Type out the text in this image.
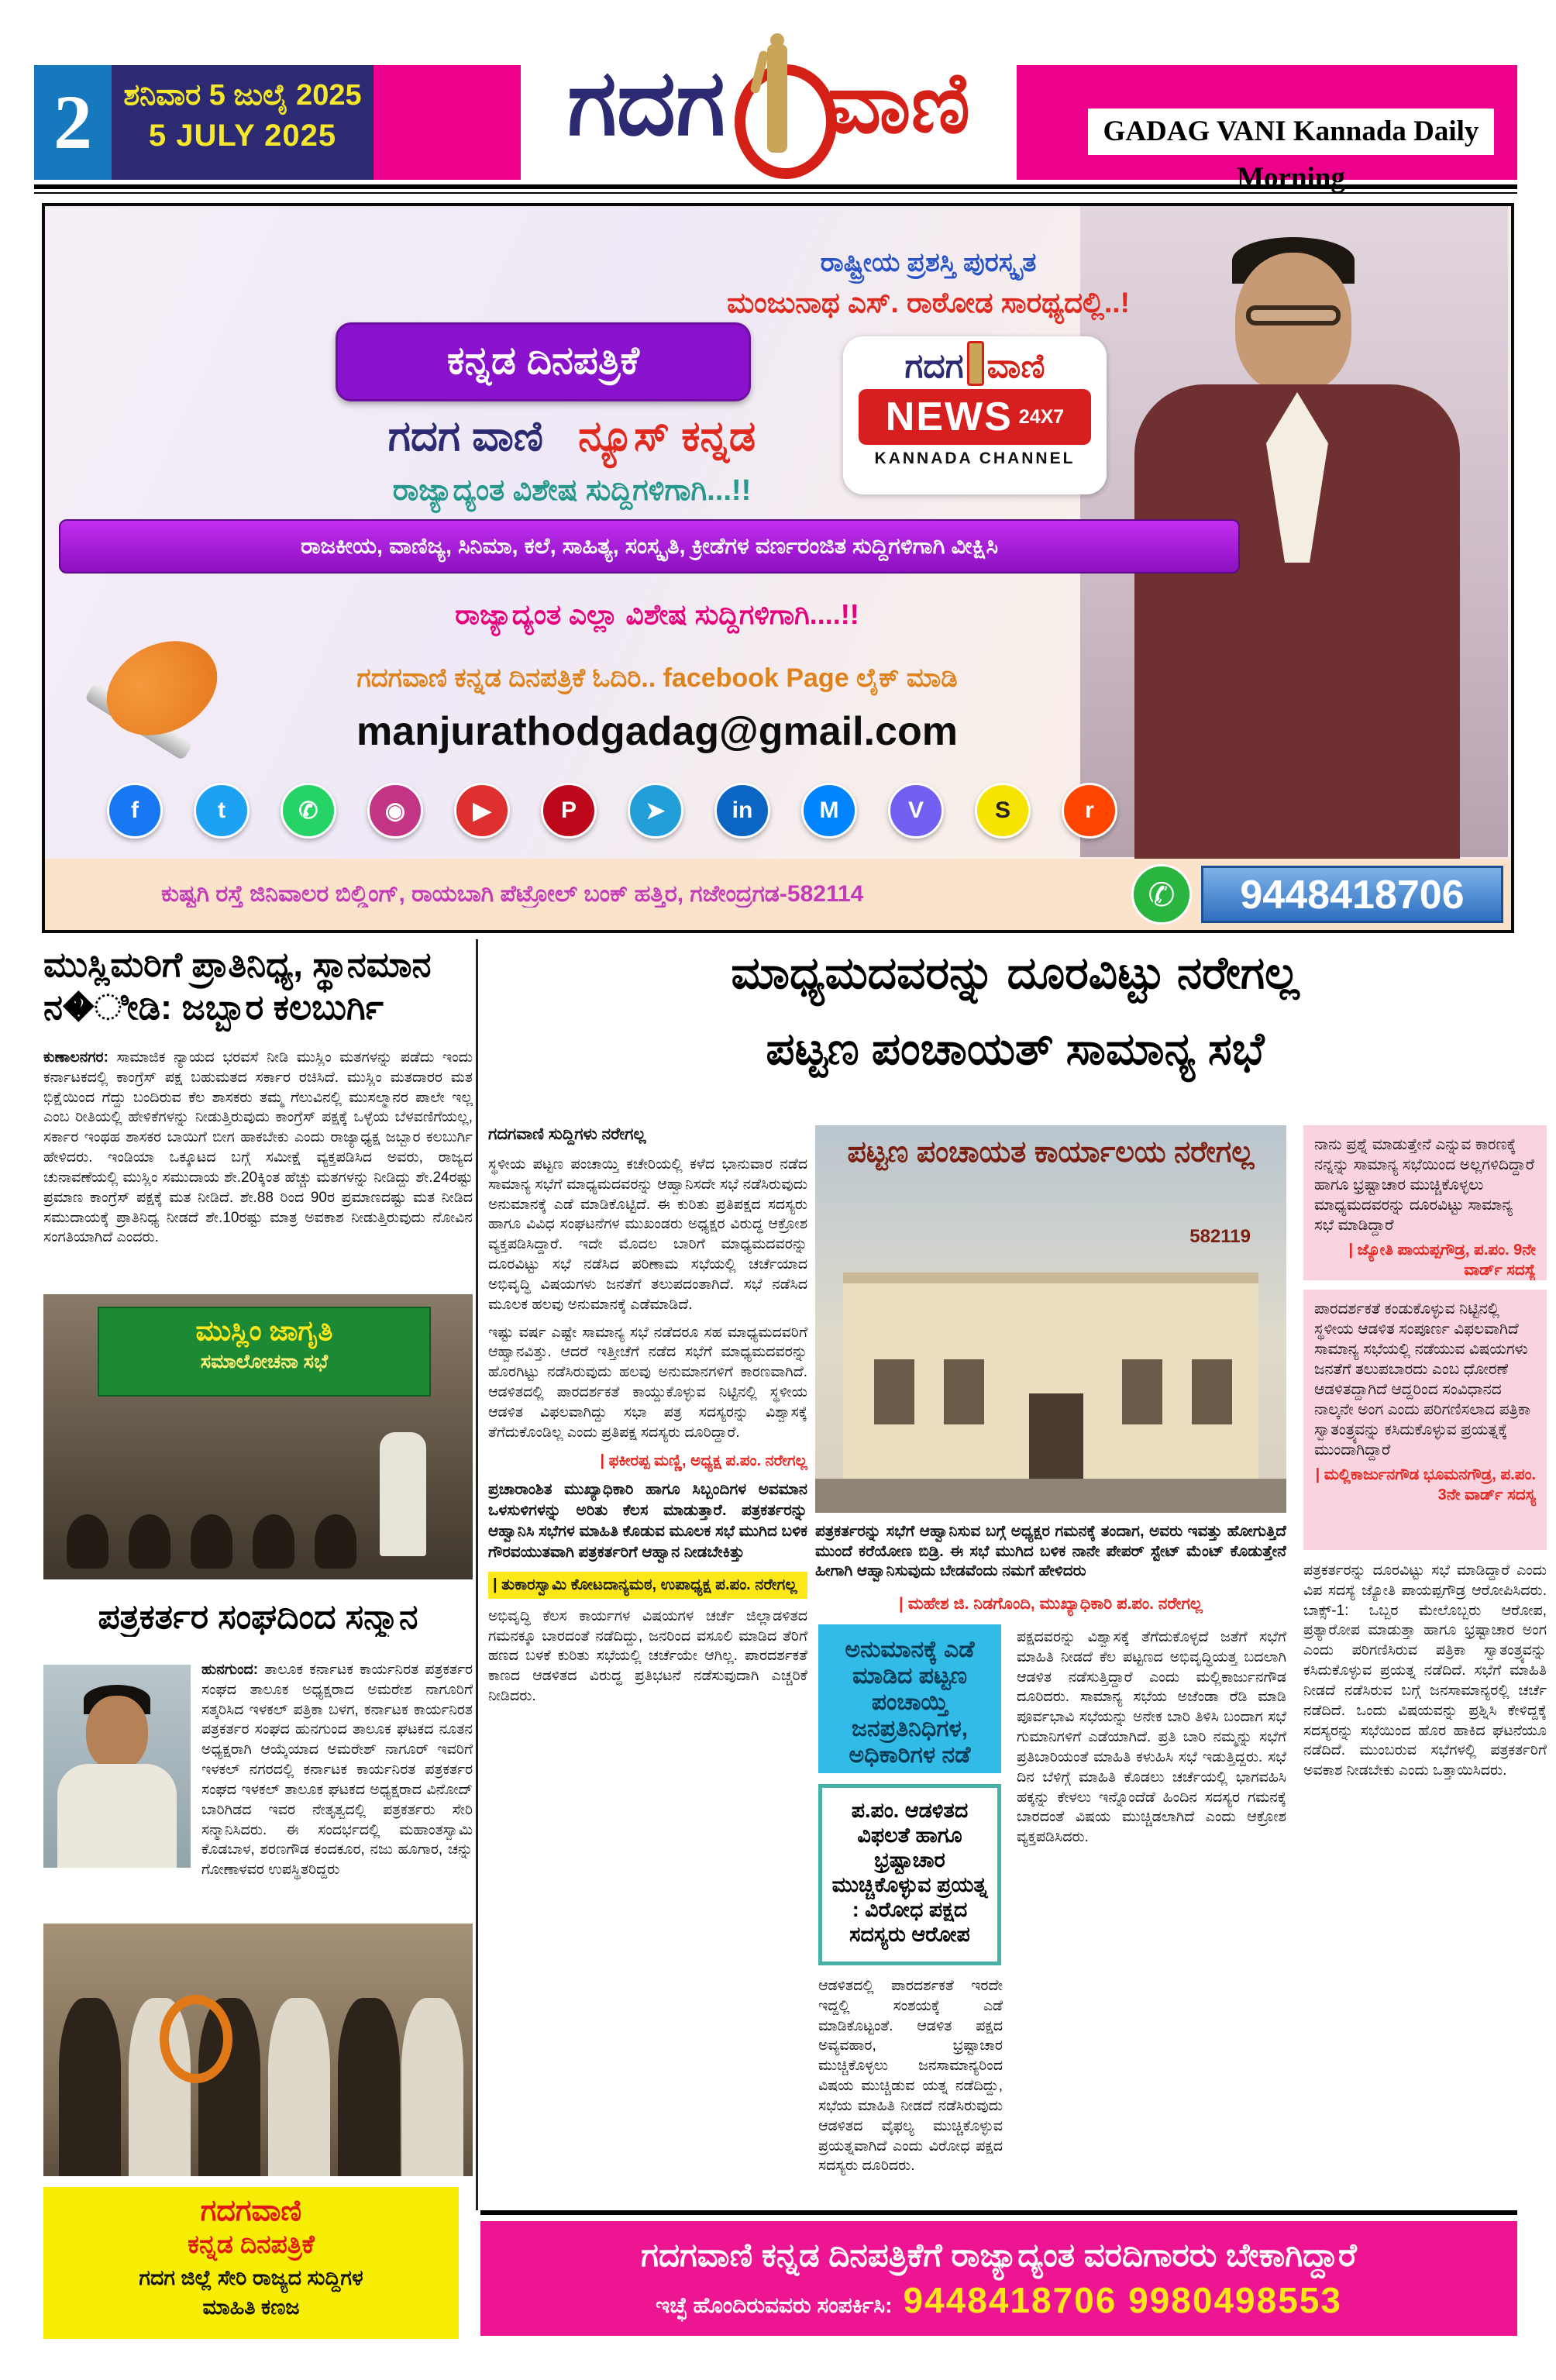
2	ಶನಿವಾರ 5 ಜುಲೈ 2025
5 JULY 2025	ಗದಗ ವಾಣಿ	GADAG VANI Kannada Daily Morning
ರಾಷ್ಟ್ರೀಯ ಪ್ರಶಸ್ತಿ ಪುರಸ್ಕೃತ
ಮಂಜುನಾಥ ಎಸ್. ರಾಠೋಡ ಸಾರಥ್ಯದಲ್ಲಿ..!
ಗದಗ ವಾಣಿ
NEWS 24X7
KANNADA CHANNEL
ಕನ್ನಡ ದಿನಪತ್ರಿಕೆ
ಗದಗ ವಾಣಿ ನ್ಯೂಸ್ ಕನ್ನಡ
ರಾಜ್ಯಾದ್ಯಂತ ವಿಶೇಷ ಸುದ್ದಿಗಳಿಗಾಗಿ...!!
ರಾಜಕೀಯ, ವಾಣಿಜ್ಯ, ಸಿನಿಮಾ, ಕಲೆ, ಸಾಹಿತ್ಯ, ಸಂಸ್ಕೃತಿ, ಕ್ರೀಡೆಗಳ ವರ್ಣರಂಜಿತ ಸುದ್ದಿಗಳಿಗಾಗಿ ವೀಕ್ಷಿಸಿ
ರಾಜ್ಯಾದ್ಯಂತ ಎಲ್ಲಾ ವಿಶೇಷ ಸುದ್ದಿಗಳಿಗಾಗಿ....!!
ಗದಗವಾಣಿ ಕನ್ನಡ ದಿನಪತ್ರಿಕೆ ಓದಿರಿ.. facebook Page ಲೈಕ್ ಮಾಡಿ
manjurathodgadag@gmail.com
f	t	✆	◉	▶	P	➤	in	M	V	S	r
ಕುಷ್ಟಗಿ ರಸ್ತೆ ಜಿನಿವಾಲರ ಬಿಲ್ಡಿಂಗ್, ರಾಯಬಾಗಿ ಪೆಟ್ರೋಲ್ ಬಂಕ್ ಹತ್ತಿರ, ಗಜೇಂದ್ರಗಡ-582114	✆	9448418706
ಮುಸ್ಲಿಮರಿಗೆ ಪ್ರಾತಿನಿಧ್ಯ, ಸ್ಥಾನಮಾನ ನ�ೀಡಿ: ಜಬ್ಬಾರ ಕಲಬುರ್ಗಿ
ಕುಣಾಲನಗರ: ಸಾಮಾಜಿಕ ನ್ಯಾಯದ ಭರವಸೆ ನೀಡಿ ಮುಸ್ಲಿಂ ಮತಗಳನ್ನು ಪಡೆದು ಇಂದು ಕರ್ನಾಟಕದಲ್ಲಿ ಕಾಂಗ್ರೆಸ್ ಪಕ್ಷ ಬಹುಮತದ ಸರ್ಕಾರ ರಚಿಸಿದೆ. ಮುಸ್ಲಿಂ ಮತದಾರರ ಮತ ಭಿಕ್ಷೆಯಿಂದ ಗೆದ್ದು ಬಂದಿರುವ ಕೆಲ ಶಾಸಕರು ತಮ್ಮ ಗೆಲುವಿನಲ್ಲಿ ಮುಸಲ್ಮಾನರ ಪಾಲೇ ಇಲ್ಲ ಎಂಬ ರೀತಿಯಲ್ಲಿ ಹೇಳಿಕೆಗಳನ್ನು ನೀಡುತ್ತಿರುವುದು ಕಾಂಗ್ರೆಸ್ ಪಕ್ಷಕ್ಕೆ ಒಳ್ಳೆಯ ಬೆಳವಣಿಗೆಯಲ್ಲ, ಸರ್ಕಾರ ಇಂಥಹ ಶಾಸಕರ ಬಾಯಿಗೆ ಬೀಗ ಹಾಕಬೇಕು ಎಂದು ರಾಜ್ಯಾಧ್ಯಕ್ಷ ಜಬ್ಬಾರ ಕಲಬುರ್ಗಿ ಹೇಳಿದರು. ಇಂಡಿಯಾ ಒಕ್ಕೂಟದ ಬಗ್ಗೆ ಸಮೀಕ್ಷೆ ವ್ಯಕ್ತಪಡಿಸಿದ ಅವರು, ರಾಜ್ಯದ ಚುನಾವಣೆಯಲ್ಲಿ ಮುಸ್ಲಿಂ ಸಮುದಾಯ ಶೇ.20ಕ್ಕಿಂತ ಹೆಚ್ಚು ಮತಗಳನ್ನು ನೀಡಿದ್ದು ಶೇ.24ರಷ್ಟು ಪ್ರಮಾಣ ಕಾಂಗ್ರೆಸ್ ಪಕ್ಷಕ್ಕೆ ಮತ ನೀಡಿದೆ. ಶೇ.88 ರಿಂದ 90ರ ಪ್ರಮಾಣದಷ್ಟು ಮತ ನೀಡಿದ ಸಮುದಾಯಕ್ಕೆ ಪ್ರಾತಿನಿಧ್ಯ ನೀಡದೆ ಶೇ.10ರಷ್ಟು ಮಾತ್ರ ಅವಕಾಶ ನೀಡುತ್ತಿರುವುದು ನೋವಿನ ಸಂಗತಿಯಾಗಿದೆ ಎಂದರು.
ಮುಸ್ಲಿಂ ಜಾಗೃತಿ
ಸಮಾಲೋಚನಾ ಸಭೆ
ಪತ್ರಕರ್ತರ ಸಂಘದಿಂದ ಸನ್ಮಾನ
ಹುನಗುಂದ: ತಾಲೂಕ ಕರ್ನಾಟಕ ಕಾರ್ಯನಿರತ ಪತ್ರಕರ್ತರ ಸಂಘದ ತಾಲೂಕ ಅಧ್ಯಕ್ಷರಾದ ಅಮರೇಶ ನಾಗೂರಿಗೆ ಸತ್ಕರಿಸಿದ ಇಳಕಲ್ ಪತ್ರಿಕಾ ಬಳಗ, ಕರ್ನಾಟಕ ಕಾರ್ಯನಿರತ ಪತ್ರಕರ್ತರ ಸಂಘದ ಹುನಗುಂದ ತಾಲೂಕ ಘಟಕದ ನೂತನ ಅಧ್ಯಕ್ಷರಾಗಿ ಆಯ್ಕೆಯಾದ ಅಮರೇಶ್ ನಾಗೂರ್ ಇವರಿಗೆ ಇಳಕಲ್ ನಗರದಲ್ಲಿ ಕರ್ನಾಟಕ ಕಾರ್ಯನಿರತ ಪತ್ರಕರ್ತರ ಸಂಘದ ಇಳಕಲ್ ತಾಲೂಕ ಘಟಕದ ಅಧ್ಯಕ್ಷರಾದ ವಿನೋದ್ ಬಾರಿಗಿಡದ ಇವರ ನೇತೃತ್ವದಲ್ಲಿ ಪತ್ರಕರ್ತರು ಸೇರಿ ಸನ್ಮಾನಿಸಿದರು. ಈ ಸಂದರ್ಭದಲ್ಲಿ ಮಹಾಂತಸ್ವಾಮಿ ಕೊಡಬಾಳ, ಶರಣಗೌಡ ಕಂದಕೂರ, ನಜು ಹೂಗಾರ, ಚನ್ನು ಗೋಣಾಳವರ ಉಪಸ್ಥಿತರಿದ್ದರು
ಗದಗವಾಣಿ
ಕನ್ನಡ ದಿನಪತ್ರಿಕೆ
ಗದಗ ಜಿಲ್ಲೆ ಸೇರಿ ರಾಜ್ಯದ ಸುದ್ದಿಗಳ
ಮಾಹಿತಿ ಕಣಜ
ಮಾಧ್ಯಮದವರನ್ನು ದೂರವಿಟ್ಟು ನರೇಗಲ್ಲ
ಪಟ್ಟಣ ಪಂಚಾಯತ್ ಸಾಮಾನ್ಯ ಸಭೆ
ಗದಗವಾಣಿ ಸುದ್ದಿಗಳು ನರೇಗಲ್ಲ
ಸ್ಥಳೀಯ ಪಟ್ಟಣ ಪಂಚಾಯ್ತಿ ಕಚೇರಿಯಲ್ಲಿ ಕಳೆದ ಭಾನುವಾರ ನಡೆದ ಸಾಮಾನ್ಯ ಸಭೆಗೆ ಮಾಧ್ಯಮದವರನ್ನು ಆಹ್ವಾನಿಸದೇ ಸಭೆ ನಡೆಸಿರುವುದು ಅನುಮಾನಕ್ಕೆ ಎಡೆ ಮಾಡಿಕೊಟ್ಟಿದೆ. ಈ ಕುರಿತು ಪ್ರತಿಪಕ್ಷದ ಸದಸ್ಯರು ಹಾಗೂ ವಿವಿಧ ಸಂಘಟನೆಗಳ ಮುಖಂಡರು ಅಧ್ಯಕ್ಷರ ವಿರುದ್ಧ ಆಕ್ರೋಶ ವ್ಯಕ್ತಪಡಿಸಿದ್ದಾರೆ. ಇದೇ ಮೊದಲ ಬಾರಿಗೆ ಮಾಧ್ಯಮದವರನ್ನು ದೂರವಿಟ್ಟು ಸಭೆ ನಡೆಸಿದ ಪರಿಣಾಮ ಸಭೆಯಲ್ಲಿ ಚರ್ಚೆಯಾದ ಅಭಿವೃದ್ಧಿ ವಿಷಯಗಳು ಜನತೆಗೆ ತಲುಪದಂತಾಗಿದೆ. ಸಭೆ ನಡೆಸಿದ ಮೂಲಕ ಹಲವು ಅನುಮಾನಕ್ಕೆ ಎಡೆಮಾಡಿದೆ.
ಇಷ್ಟು ವರ್ಷ ಎಷ್ಟೇ ಸಾಮಾನ್ಯ ಸಭೆ ನಡೆದರೂ ಸಹ ಮಾಧ್ಯಮದವರಿಗೆ ಆಹ್ವಾನವಿತ್ತು. ಆದರೆ ಇತ್ತೀಚೆಗೆ ನಡೆದ ಸಭೆಗೆ ಮಾಧ್ಯಮದವರನ್ನು ಹೊರಗಿಟ್ಟು ನಡೆಸಿರುವುದು ಹಲವು ಅನುಮಾನಗಳಿಗೆ ಕಾರಣವಾಗಿದೆ. ಆಡಳಿತದಲ್ಲಿ ಪಾರದರ್ಶಕತೆ ಕಾಯ್ದುಕೊಳ್ಳುವ ನಿಟ್ಟಿನಲ್ಲಿ ಸ್ಥಳೀಯ ಆಡಳಿತ ವಿಫಲವಾಗಿದ್ದು ಸಭಾ ಪತ್ರ ಸದಸ್ಯರನ್ನು ವಿಶ್ವಾಸಕ್ಕೆ ತೆಗೆದುಕೊಂಡಿಲ್ಲ ಎಂದು ಪ್ರತಿಪಕ್ಷ ಸದಸ್ಯರು ದೂರಿದ್ದಾರೆ.
| ಫಕೀರಪ್ಪ ಮಣ್ಣಿ, ಅಧ್ಯಕ್ಷ ಪ.ಪಂ. ನರೇಗಲ್ಲ
ಪ್ರಚಾರಾಂಶಿತ ಮುಖ್ಯಾಧಿಕಾರಿ ಹಾಗೂ ಸಿಬ್ಬಂದಿಗಳ ಅವಮಾನ ಒಳಸುಳಿಗಳನ್ನು ಅರಿತು ಕೆಲಸ ಮಾಡುತ್ತಾರೆ. ಪತ್ರಕರ್ತರನ್ನು ಆಹ್ವಾನಿಸಿ ಸಭೆಗಳ ಮಾಹಿತಿ ಕೊಡುವ ಮೂಲಕ ಸಭೆ ಮುಗಿದ ಬಳಿಕ ಗೌರವಯುತವಾಗಿ ಪತ್ರಕರ್ತರಿಗೆ ಆಹ್ವಾನ ನೀಡಬೇಕಿತ್ತು
| ತುಕಾರಸ್ವಾಮಿ ಕೋಟದಾನ್ಯಮಠ, ಉಪಾಧ್ಯಕ್ಷ ಪ.ಪಂ. ನರೇಗಲ್ಲ
ಅಭಿವೃದ್ಧಿ ಕೆಲಸ ಕಾರ್ಯಗಳ ವಿಷಯಗಳ ಚರ್ಚೆ ಜಿಲ್ಲಾಡಳಿತದ ಗಮನಕ್ಕೂ ಬಾರದಂತೆ ನಡೆದಿದ್ದು, ಜನರಿಂದ ವಸೂಲಿ ಮಾಡಿದ ತೆರಿಗೆ ಹಣದ ಬಳಕೆ ಕುರಿತು ಸಭೆಯಲ್ಲಿ ಚರ್ಚೆಯೇ ಆಗಿಲ್ಲ. ಪಾರದರ್ಶಕತೆ ಕಾಣದ ಆಡಳಿತದ ವಿರುದ್ಧ ಪ್ರತಿಭಟನೆ ನಡೆಸುವುದಾಗಿ ಎಚ್ಚರಿಕೆ ನೀಡಿದರು.
ಪಟ್ಟಣ ಪಂಚಾಯತ ಕಾರ್ಯಾಲಯ ನರೇಗಲ್ಲ
582119
ಪತ್ರಕರ್ತರನ್ನು ಸಭೆಗೆ ಆಹ್ವಾನಿಸುವ ಬಗ್ಗೆ ಅಧ್ಯಕ್ಷರ ಗಮನಕ್ಕೆ ತಂದಾಗ, ಅವರು ಇವತ್ತು ಹೋಗುತ್ತಿದೆ ಮುಂದೆ ಕರೆಯೋಣ ಬಿಡ್ರಿ. ಈ ಸಭೆ ಮುಗಿದ ಬಳಿಕ ನಾನೇ ಪೇಪರ್ ಸ್ಟೇಟ್ ಮೆಂಟ್ ಕೊಡುತ್ತೇನೆ ಹೀಗಾಗಿ ಆಹ್ವಾನಿಸುವುದು ಬೇಡವೆಂದು ನಮಗೆ ಹೇಳಿದರು
| ಮಹೇಶ ಜಿ. ನಿಡಗೊಂದಿ, ಮುಖ್ಯಾಧಿಕಾರಿ ಪ.ಪಂ. ನರೇಗಲ್ಲ
ಅನುಮಾನಕ್ಕೆ ಎಡೆ ಮಾಡಿದ ಪಟ್ಟಣ ಪಂಚಾಯ್ತಿ ಜನಪ್ರತಿನಿಧಿಗಳ, ಅಧಿಕಾರಿಗಳ ನಡೆ
ಪ.ಪಂ. ಆಡಳಿತದ ವಿಫಲತೆ ಹಾಗೂ ಭ್ರಷ್ಟಾಚಾರ ಮುಚ್ಚಿಕೊಳ್ಳುವ ಪ್ರಯತ್ನ : ವಿರೋಧ ಪಕ್ಷದ ಸದಸ್ಯರು ಆರೋಪ
ಆಡಳಿತದಲ್ಲಿ ಪಾರದರ್ಶಕತೆ ಇರದೇ ಇದ್ದಲ್ಲಿ ಸಂಶಯಕ್ಕೆ ಎಡೆ ಮಾಡಿಕೊಟ್ಟಂತೆ. ಆಡಳಿತ ಪಕ್ಷದ ಅವ್ಯವಹಾರ, ಭ್ರಷ್ಟಾಚಾರ ಮುಚ್ಚಿಕೊಳ್ಳಲು ಜನಸಾಮಾನ್ಯರಿಂದ ವಿಷಯ ಮುಚ್ಚಿಡುವ ಯತ್ನ ನಡೆದಿದ್ದು, ಸಭೆಯ ಮಾಹಿತಿ ನೀಡದೆ ನಡೆಸಿರುವುದು ಆಡಳಿತದ ವೈಫಲ್ಯ ಮುಚ್ಚಿಕೊಳ್ಳುವ ಪ್ರಯತ್ನವಾಗಿದೆ ಎಂದು ವಿರೋಧ ಪಕ್ಷದ ಸದಸ್ಯರು ದೂರಿದರು.
ಪಕ್ಷದವರನ್ನು ವಿಶ್ವಾಸಕ್ಕೆ ತೆಗೆದುಕೊಳ್ಳದೆ ಜತೆಗೆ ಸಭೆಗೆ ಮಾಹಿತಿ ನೀಡದೆ ಕೆಲ ಪಟ್ಟಣದ ಅಭಿವೃದ್ಧಿಯತ್ತ ಬದಲಾಗಿ ಆಡಳಿತ ನಡೆಸುತ್ತಿದ್ದಾರೆ ಎಂದು ಮಲ್ಲಿಕಾರ್ಜುನಗೌಡ ದೂರಿದರು. ಸಾಮಾನ್ಯ ಸಭೆಯ ಅಜೆಂಡಾ ರೆಡಿ ಮಾಡಿ ಪೂರ್ವಭಾವಿ ಸಭೆಯನ್ನು ಅನೇಕ ಬಾರಿ ತಿಳಿಸಿ ಬಂದಾಗ ಸಭೆ ಗುಮಾನಿಗಳಿಗೆ ಎಡೆಯಾಗಿದೆ. ಪ್ರತಿ ಬಾರಿ ನಮ್ಮನ್ನು ಸಭೆಗೆ ಪ್ರತಿಬಾರಿಯಂತೆ ಮಾಹಿತಿ ಕಳುಹಿಸಿ ಸಭೆ ಇಡುತ್ತಿದ್ದರು. ಸಭೆ ದಿನ ಬೆಳಿಗ್ಗೆ ಮಾಹಿತಿ ಕೊಡಲು ಚರ್ಚೆಯಲ್ಲಿ ಭಾಗವಹಿಸಿ ಹಕ್ಕನ್ನು ಕೇಳಲು ಇನ್ನೊಂದೆಡೆ ಹಿಂದಿನ ಸದಸ್ಯರ ಗಮನಕ್ಕೆ ಬಾರದಂತೆ ವಿಷಯ ಮುಚ್ಚಿಡಲಾಗಿದೆ ಎಂದು ಆಕ್ರೋಶ ವ್ಯಕ್ತಪಡಿಸಿದರು.
ನಾನು ಪ್ರಶ್ನೆ ಮಾಡುತ್ತೇನೆ ಎನ್ನುವ ಕಾರಣಕ್ಕೆ ನನ್ನನ್ನು ಸಾಮಾನ್ಯ ಸಭೆಯಿಂದ ಅಲ್ಲಗಳಿದಿದ್ದಾರೆ ಹಾಗೂ ಭ್ರಷ್ಟಾಚಾರ ಮುಚ್ಚಿಕೊಳ್ಳಲು ಮಾಧ್ಯಮದವರನ್ನು ದೂರವಿಟ್ಟು ಸಾಮಾನ್ಯ ಸಭೆ ಮಾಡಿದ್ದಾರೆ
| ಜ್ಯೋತಿ ಪಾಯಪ್ಪಗೌಡ್ರ, ಪ.ಪಂ. 9ನೇ ವಾರ್ಡ್ ಸದಸ್ಯೆ
ಪಾರದರ್ಶಕತೆ ಕಂಡುಕೊಳ್ಳುವ ನಿಟ್ಟಿನಲ್ಲಿ ಸ್ಥಳೀಯ ಆಡಳಿತ ಸಂಪೂರ್ಣ ವಿಫಲವಾಗಿದೆ ಸಾಮಾನ್ಯ ಸಭೆಯಲ್ಲಿ ನಡೆಯುವ ವಿಷಯಗಳು ಜನತೆಗೆ ತಲುಪಬಾರದು ಎಂಬ ಧೋರಣೆ ಆಡಳಿತದ್ದಾಗಿದೆ ಆದ್ದರಿಂದ ಸಂವಿಧಾನದ ನಾಲ್ಕನೇ ಅಂಗ ಎಂದು ಪರಿಗಣಿಸಲಾದ ಪತ್ರಿಕಾ ಸ್ವಾತಂತ್ರ್ಯವನ್ನು ಕಸಿದುಕೊಳ್ಳುವ ಪ್ರಯತ್ನಕ್ಕೆ ಮುಂದಾಗಿದ್ದಾರೆ
| ಮಲ್ಲಿಕಾರ್ಜುನಗೌಡ ಭೂಮನಗೌಡ್ರ, ಪ.ಪಂ. 3ನೇ ವಾರ್ಡ್ ಸದಸ್ಯ
ಪತ್ರಕರ್ತರನ್ನು ದೂರವಿಟ್ಟು ಸಭೆ ಮಾಡಿದ್ದಾರೆ ಎಂದು ವಿಪ ಸದಸ್ಯೆ ಜ್ಯೋತಿ ಪಾಯಪ್ಪಗೌಡ್ರ ಆರೋಪಿಸಿದರು. ಬಾಕ್ಸ್-1: ಒಬ್ಬರ ಮೇಲೊಬ್ಬರು ಆರೋಪ, ಪ್ರತ್ಯಾರೋಪ ಮಾಡುತ್ತಾ ಹಾಗೂ ಭ್ರಷ್ಟಾಚಾರ ಅಂಗ ಎಂದು ಪರಿಗಣಿಸಿರುವ ಪತ್ರಿಕಾ ಸ್ವಾತಂತ್ರ್ಯವನ್ನು ಕಸಿದುಕೊಳ್ಳುವ ಪ್ರಯತ್ನ ನಡೆದಿದೆ. ಸಭೆಗೆ ಮಾಹಿತಿ ನೀಡದೆ ನಡೆಸಿರುವ ಬಗ್ಗೆ ಜನಸಾಮಾನ್ಯರಲ್ಲಿ ಚರ್ಚೆ ನಡೆದಿದೆ. ಒಂದು ವಿಷಯವನ್ನು ಪ್ರಶ್ನಿಸಿ ಕೇಳಿದ್ದಕ್ಕೆ ಸದಸ್ಯರನ್ನು ಸಭೆಯಿಂದ ಹೊರ ಹಾಕಿದ ಘಟನೆಯೂ ನಡೆದಿದೆ. ಮುಂಬರುವ ಸಭೆಗಳಲ್ಲಿ ಪತ್ರಕರ್ತರಿಗೆ ಅವಕಾಶ ನೀಡಬೇಕು ಎಂದು ಒತ್ತಾಯಿಸಿದರು.
ಗದಗವಾಣಿ ಕನ್ನಡ ದಿನಪತ್ರಿಕೆಗೆ ರಾಜ್ಯಾದ್ಯಂತ ವರದಿಗಾರರು ಬೇಕಾಗಿದ್ದಾರೆ
ಇಚ್ಛೆ ಹೊಂದಿರುವವರು ಸಂಪರ್ಕಿಸಿ: 9448418706 9980498553
